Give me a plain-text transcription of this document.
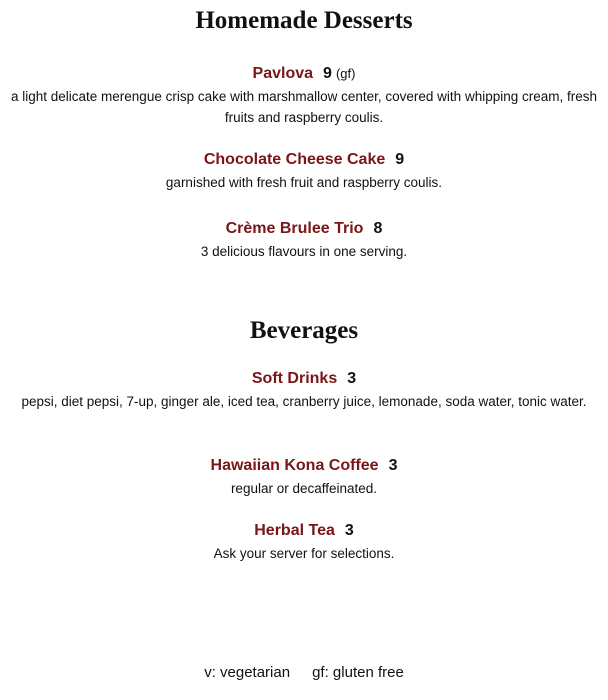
Homemade Desserts
Pavlova 9 (gf)
a light delicate merengue crisp cake with marshmallow center, covered with whipping cream, fresh fruits and raspberry coulis.
Chocolate Cheese Cake 9
garnished with fresh fruit and raspberry coulis.
Crème Brulee Trio 8
3 delicious flavours in one serving.
Beverages
Soft Drinks 3
pepsi, diet pepsi, 7-up, ginger ale, iced tea, cranberry juice, lemonade, soda water, tonic water.
Hawaiian Kona Coffee 3
regular or decaffeinated.
Herbal Tea 3
Ask your server for selections.
v: vegetarian gf: gluten free
